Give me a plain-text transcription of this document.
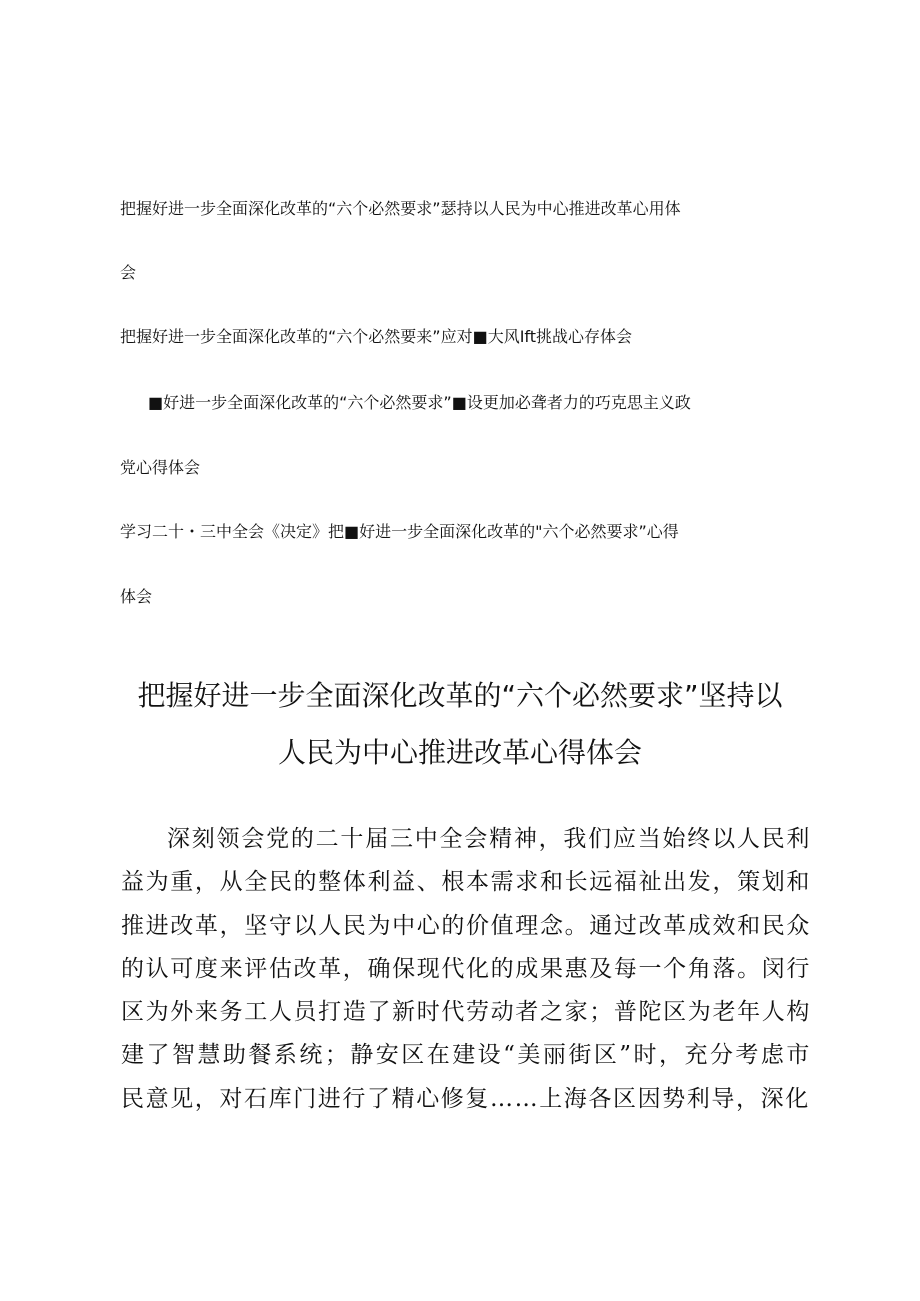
把握好进一步全面深化改革的“六个必然要求”瑟持以人民为中心推进改革心用体
会
把握好进一步全面深化改革的“六个必然要来”应对■大风Ift挑战心存体会
■好进一步全面深化改革的“六个必然要求”■设更加必聋者力的巧克思主义政
党心得体会
学习二十・三中全会《决定》把■好进一步全面深化改革的"六个必然要求”心得
体会
把握好进一步全面深化改革的“六个必然要求”坚持以
人民为中心推进改革心得体会
深刻领会党的二十届三中全会精神，我们应当始终以人民利益为重，从全民的整体利益、根本需求和长远福祉出发，策划和推进改革，坚守以人民为中心的价值理念。通过改革成效和民众的认可度来评估改革，确保现代化的成果惠及每一个角落。闵行区为外来务工人员打造了新时代劳动者之家；普陀区为老年人构建了智慧助餐系统；静安区在建设“美丽街区”时，充分考虑市民意见，对石库门进行了精心修复……上海各区因势利导，深化
